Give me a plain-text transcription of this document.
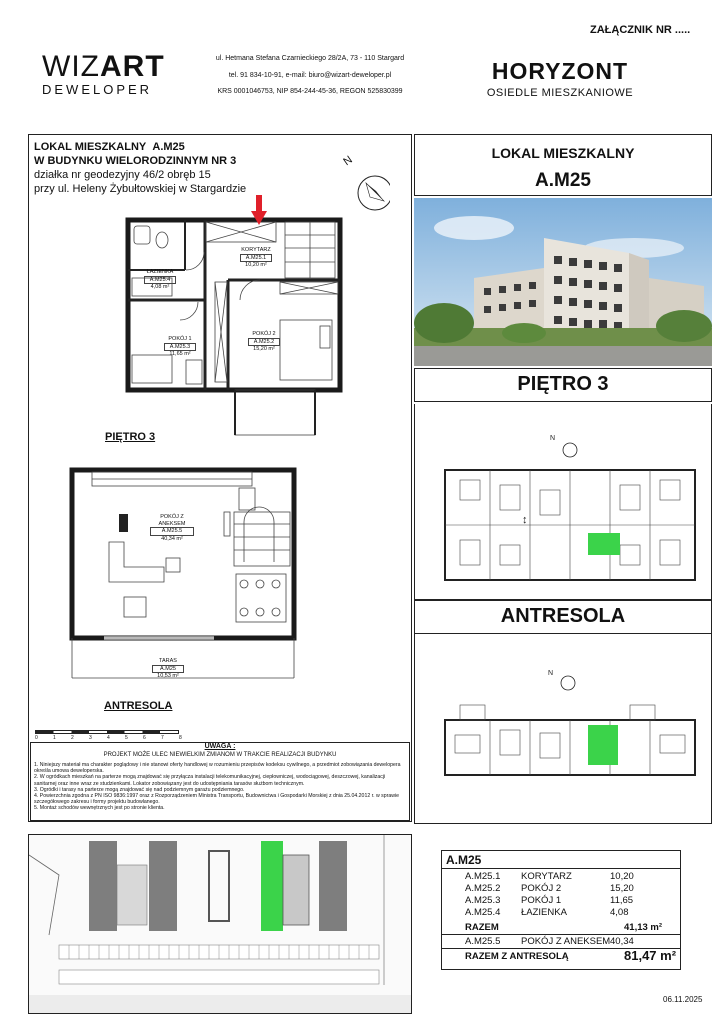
ZAŁĄCZNIK NR .....
WIZART
DEWELOPER
ul. Hetmana Stefana Czarnieckiego 28/2A, 73 - 110 Stargard
tel. 91 834-10-91, e-mail: biuro@wizart-deweloper.pl
KRS 0001046753, NIP 854-244-45-36, REGON 525830399
HORYZONT
OSIEDLE MIESZKANIOWE
LOKAL MIESZKALNY A.M25
W BUDYNKU WIELORODZINNYM NR 3
działka nr geodezyjny 46/2 obręb 15
przy ul. Heleny Żybułtowskiej w Stargardzie
N
KORYTARZ
A.M25.1
10,20 m²
ŁAZIENKA
A.M25.4
4,08 m²
POKÓJ 1
A.M25.3
11,65 m²
POKÓJ 2
A.M25.2
15,20 m²
PIĘTRO 3
POKÓJ Z ANEKSEM
A.M25.5
40,34 m²
TARAS
A.M25
10,53 m²
ANTRESOLA
0	1	2	3	4	5	6	7	8
UWAGA :
PROJEKT MOŻE ULEC NIEWIELKIM ZMIANOM W TRAKCIE REALIZACJI BUDYNKU
1. Niniejszy materiał ma charakter poglądowy i nie stanowi oferty handlowej w rozumieniu przepisów kodeksu cywilnego, a przedmiot zobowiązania dewelopera określa umowa deweloperska.
2. W ogródkach mieszkań na parterze mogą znajdować się przyłącza instalacji telekomunikacyjnej, ciepłowniczej, wodociągowej, deszczowej, kanalizacji sanitarnej oraz inne wraz ze studzienkami. Lokator zobowiązany jest do udostępniania tarasów służbom technicznym.
3. Ogródki i tarasy na parterze mogą znajdować się nad podziemnym garażu podziemnego.
4. Powierzchnia zgodna z PN ISO 9836:1997 oraz z Rozporządzeniem Ministra Transportu, Budownictwa i Gospodarki Morskiej z dnia 25.04.2012 r. w sprawie szczegółowego zakresu i formy projektu budowlanego.
5. Montaż schodów wewnętrznych jest po stronie klienta.
LOKAL MIESZKALNY
A.M25
PIĘTRO 3
N
↕
ANTRESOLA
N
A.M25
A.M25.1 KORYTARZ	10,20
A.M25.2 POKÓJ 2	15,20
A.M25.3 POKÓJ 1	11,65
A.M25.4 ŁAZIENKA	4,08
RAZEM	41,13 m²
A.M25.5 POKÓJ Z ANEKSEM 40,34
RAZEM Z ANTRESOLĄ	81,47 m²
06.11.2025
